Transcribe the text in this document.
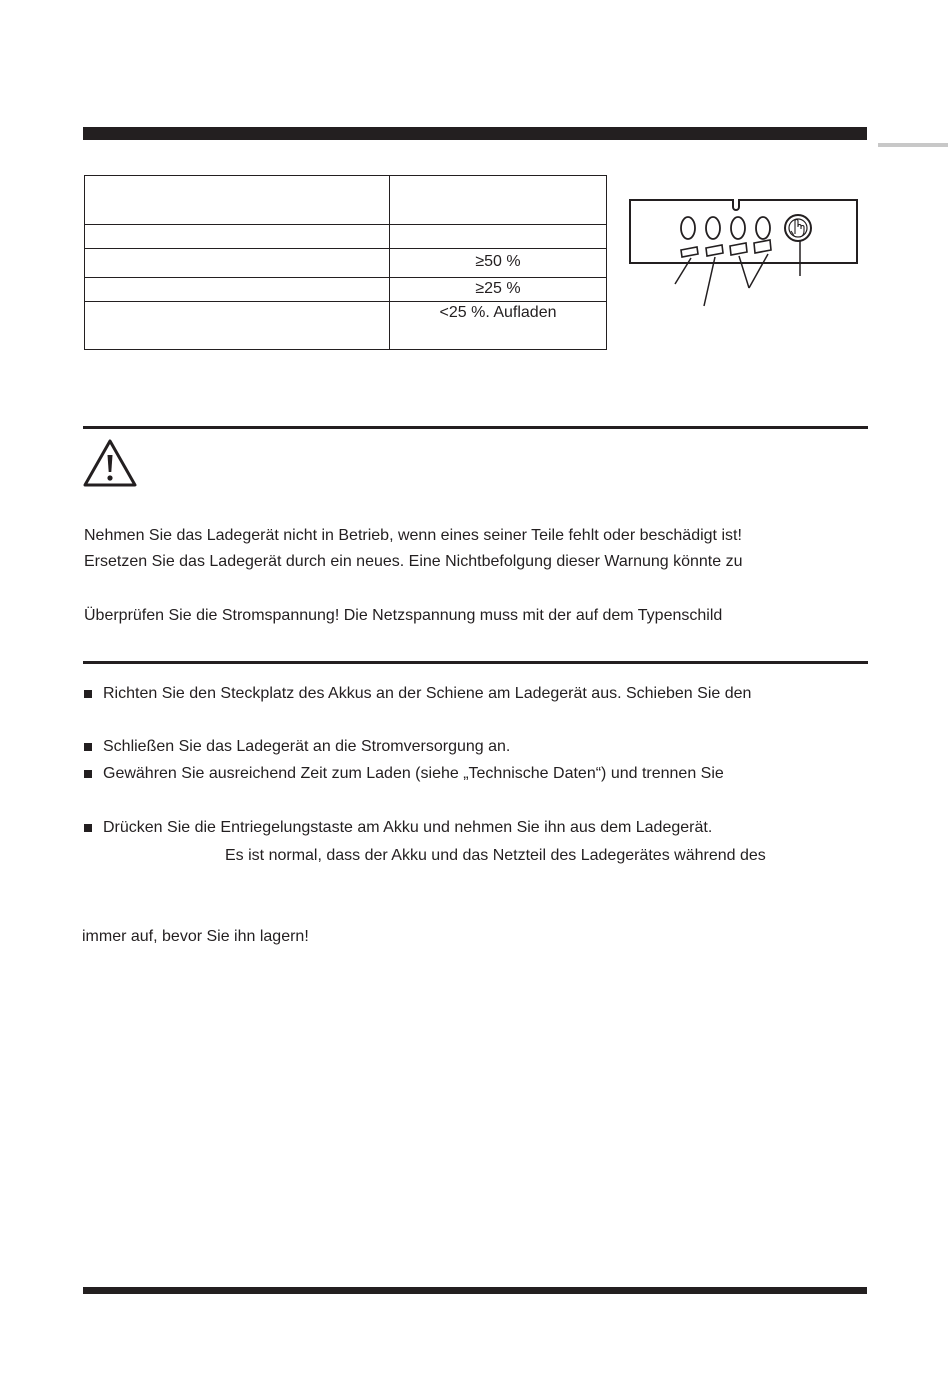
	≥50 %
	≥25 %
	<25 %. Aufladen
Nehmen Sie das Ladegerät nicht in Betrieb, wenn eines seiner Teile fehlt oder beschädigt ist!
Ersetzen Sie das Ladegerät durch ein neues. Eine Nichtbefolgung dieser Warnung könnte zu
Überprüfen Sie die Stromspannung! Die Netzspannung muss mit der auf dem Typenschild
Richten Sie den Steckplatz des Akkus an der Schiene am Ladegerät aus. Schieben Sie den
Schließen Sie das Ladegerät an die Stromversorgung an.
Gewähren Sie ausreichend Zeit zum Laden (siehe „Technische Daten“) und trennen Sie
Drücken Sie die Entriegelungstaste am Akku und nehmen Sie ihn aus dem Ladegerät.
Es ist normal, dass der Akku und das Netzteil des Ladegerätes während des
immer auf, bevor Sie ihn lagern!
